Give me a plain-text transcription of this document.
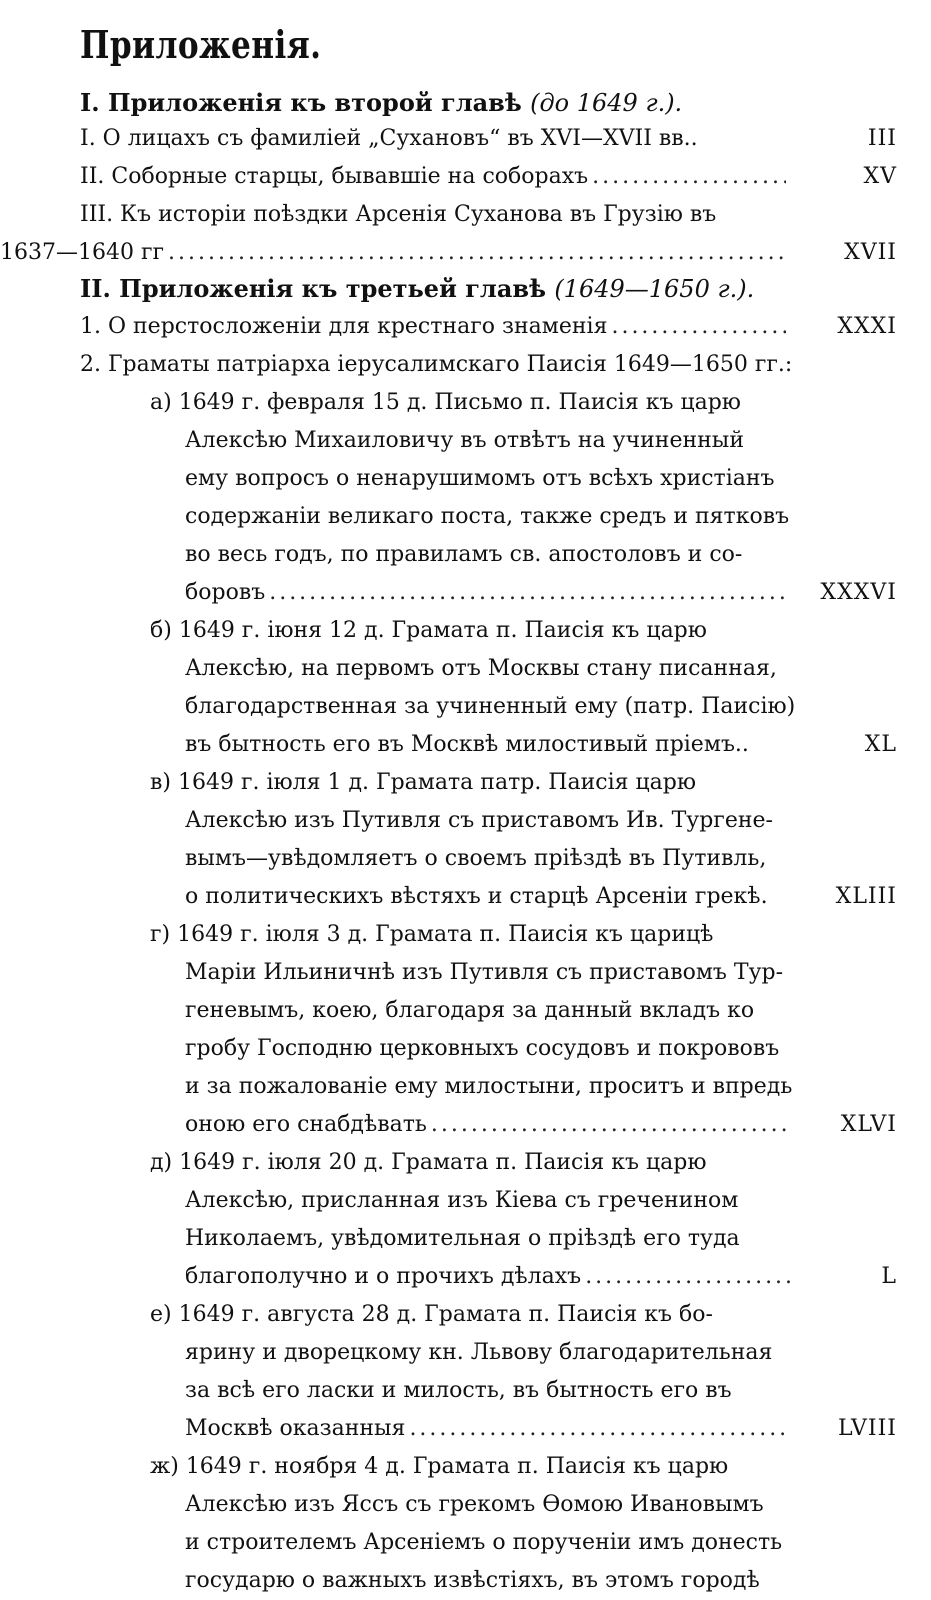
Приложенія.
I. Приложенія къ второй главѣ (до 1649 г.).
I. О лицахъ съ фамиліей „Сухановъ“ въ XVI—XVII вв..	III
II. Соборные старцы, бывавшіе на соборахъ .....	XV
III. Къ исторіи поѣздки Арсенія Суханова въ Грузію въ
1637—1640 гг .....	XVII
II. Приложенія къ третьей главѣ (1649—1650 г.).
1. О перстосложеніи для крестнаго знаменія .....	XXXI
2. Граматы патріарха іерусалимскаго Паисія 1649—1650 гг.:
а) 1649 г. февраля 15 д. Письмо п. Паисія къ царю
Алексѣю Михаиловичу въ отвѣтъ на учиненный
ему вопросъ о ненарушимомъ отъ всѣхъ христіанъ
содержаніи великаго поста, также средъ и пятковъ
во весь годъ, по правиламъ св. апостоловъ и со-
боровъ .....	XXXVI
б) 1649 г. іюня 12 д. Грамата п. Паисія къ царю
Алексѣю, на первомъ отъ Москвы стану писанная,
благодарственная за учиненный ему (патр. Паисію)
въ бытность его въ Москвѣ милостивый пріемъ..	XL
в) 1649 г. іюля 1 д. Грамата патр. Паисія царю
Алексѣю изъ Путивля съ приставомъ Ив. Тургене-
вымъ—увѣдомляетъ о своемъ пріѣздѣ въ Путивль,
о политическихъ вѣстяхъ и старцѣ Арсеніи грекѣ.	XLIII
г) 1649 г. іюля 3 д. Грамата п. Паисія къ царицѣ
Маріи Ильиничнѣ изъ Путивля съ приставомъ Тур-
геневымъ, коею, благодаря за данный вкладъ ко
гробу Господню церковныхъ сосудовъ и покрововъ
и за пожалованіе ему милостыни, проситъ и впредь
оною его снабдѣвать .....	XLVI
д) 1649 г. іюля 20 д. Грамата п. Паисія къ царю
Алексѣю, присланная изъ Кіева съ греченином
Николаемъ, увѣдомительная о пріѣздѣ его туда
благополучно и о прочихъ дѣлахъ .....	L
е) 1649 г. августа 28 д. Грамата п. Паисія къ бо-
ярину и дворецкому кн. Львову благодарительная
за всѣ его ласки и милость, въ бытность его въ
Москвѣ оказанныя .....	LVIII
ж) 1649 г. ноября 4 д. Грамата п. Паисія къ царю
Алексѣю изъ Яссъ съ грекомъ Ѳомою Ивановымъ
и строителемъ Арсеніемъ о порученіи имъ донесть
государю о важныхъ извѣстіяхъ, въ этомъ городѣ
